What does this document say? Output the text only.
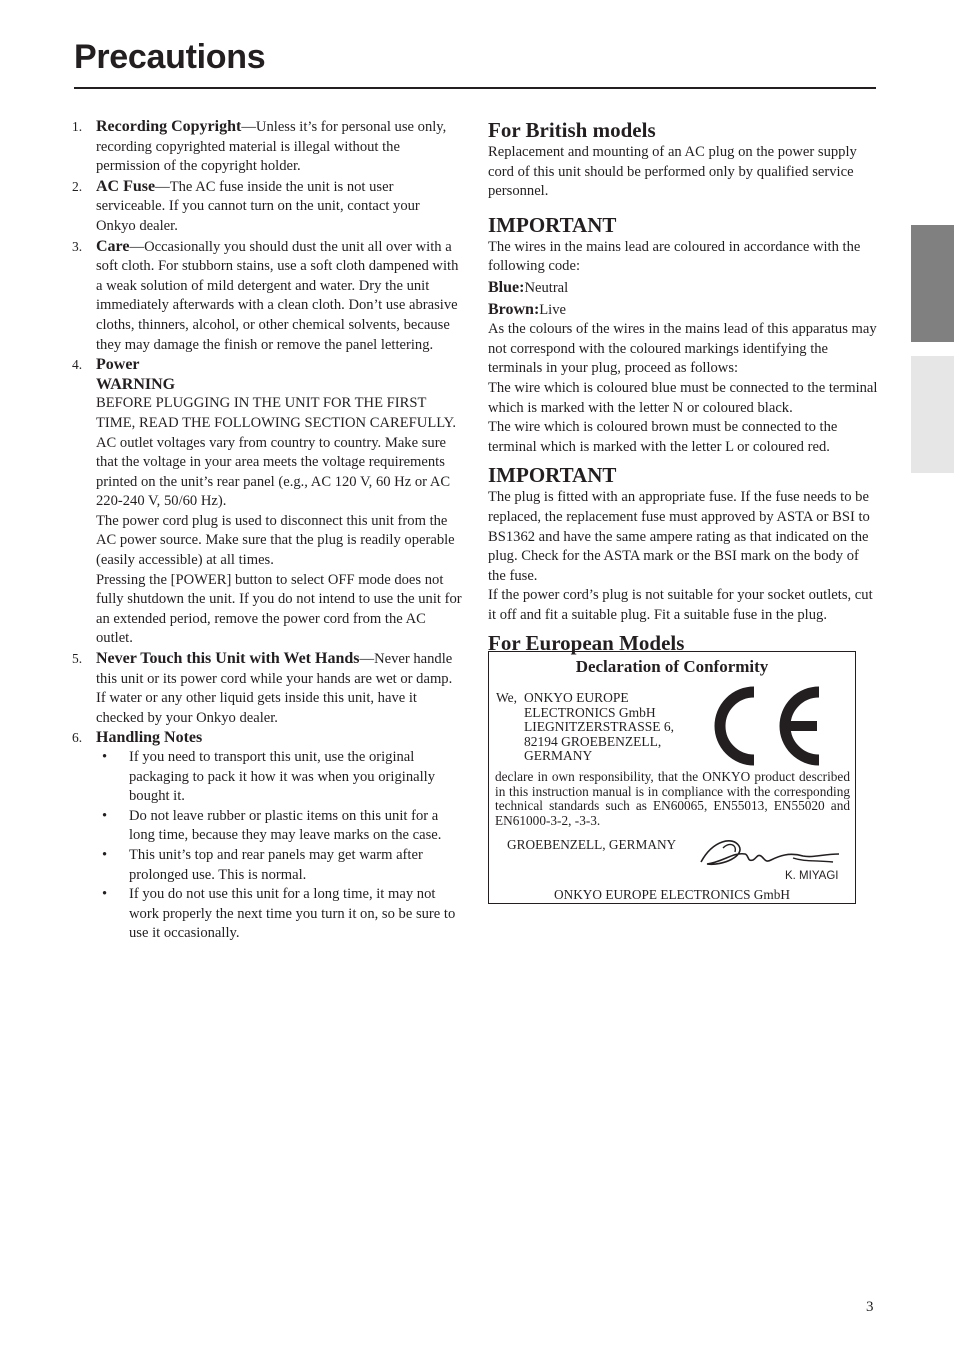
Precautions
1. Recording Copyright—Unless it’s for personal use only, recording copyrighted material is illegal without the permission of the copyright holder.
2. AC Fuse—The AC fuse inside the unit is not user serviceable. If you cannot turn on the unit, contact your Onkyo dealer.
3. Care—Occasionally you should dust the unit all over with a soft cloth. For stubborn stains, use a soft cloth dampened with a weak solution of mild detergent and water. Dry the unit immediately afterwards with a clean cloth. Don’t use abrasive cloths, thinners, alcohol, or other chemical solvents, because they may damage the finish or remove the panel lettering.
4. Power
WARNING

BEFORE PLUGGING IN THE UNIT FOR THE FIRST TIME, READ THE FOLLOWING SECTION CAREFULLY.

AC outlet voltages vary from country to country. Make sure that the voltage in your area meets the voltage requirements printed on the unit’s rear panel (e.g., AC 120 V, 60 Hz or AC 220-240 V, 50/60 Hz).

The power cord plug is used to disconnect this unit from the AC power source. Make sure that the plug is readily operable (easily accessible) at all times.

Pressing the [POWER] button to select OFF mode does not fully shutdown the unit. If you do not intend to use the unit for an extended period, remove the power cord from the AC outlet.

5. Never Touch this Unit with Wet Hands—Never handle this unit or its power cord while your hands are wet or damp. If water or any other liquid gets inside this unit, have it checked by your Onkyo dealer.
6. Handling Notes
•	If you need to transport this unit, use the original packaging to pack it how it was when you originally bought it.
•	Do not leave rubber or plastic items on this unit for a long time, because they may leave marks on the case.
•	This unit’s top and rear panels may get warm after prolonged use. This is normal.
•	If you do not use this unit for a long time, it may not work properly the next time you turn it on, so be sure to use it occasionally.
For British models

Replacement and mounting of an AC plug on the power supply cord of this unit should be performed only by qualified service personnel.

IMPORTANT

The wires in the mains lead are coloured in accordance with the following code:

Blue:Neutral

Brown:Live

As the colours of the wires in the mains lead of this apparatus may not correspond with the coloured markings identifying the terminals in your plug, proceed as follows:

The wire which is coloured blue must be connected to the terminal which is marked with the letter N or coloured black.

The wire which is coloured brown must be connected to the terminal which is marked with the letter L or coloured red.

IMPORTANT

The plug is fitted with an appropriate fuse. If the fuse needs to be replaced, the replacement fuse must approved by ASTA or BSI to BS1362 and have the same ampere rating as that indicated on the plug. Check for the ASTA mark or the BSI mark on the body of the fuse.

If the power cord’s plug is not suitable for your socket outlets, cut it off and fit a suitable plug. Fit a suitable fuse in the plug.

For European Models
Declaration of Conformity
We, ONKYO EUROPE
ELECTRONICS GmbH
LIEGNITZERSTRASSE 6,
82194 GROEBENZELL,
GERMANY
declare in own responsibility, that the ONKYO product described in this instruction manual is in compliance with the corresponding technical standards such as EN60065, EN55013, EN55020 and EN61000-3-2, -3-3.
GROEBENZELL, GERMANY
K. MIYAGI
ONKYO EUROPE ELECTRONICS GmbH
3
